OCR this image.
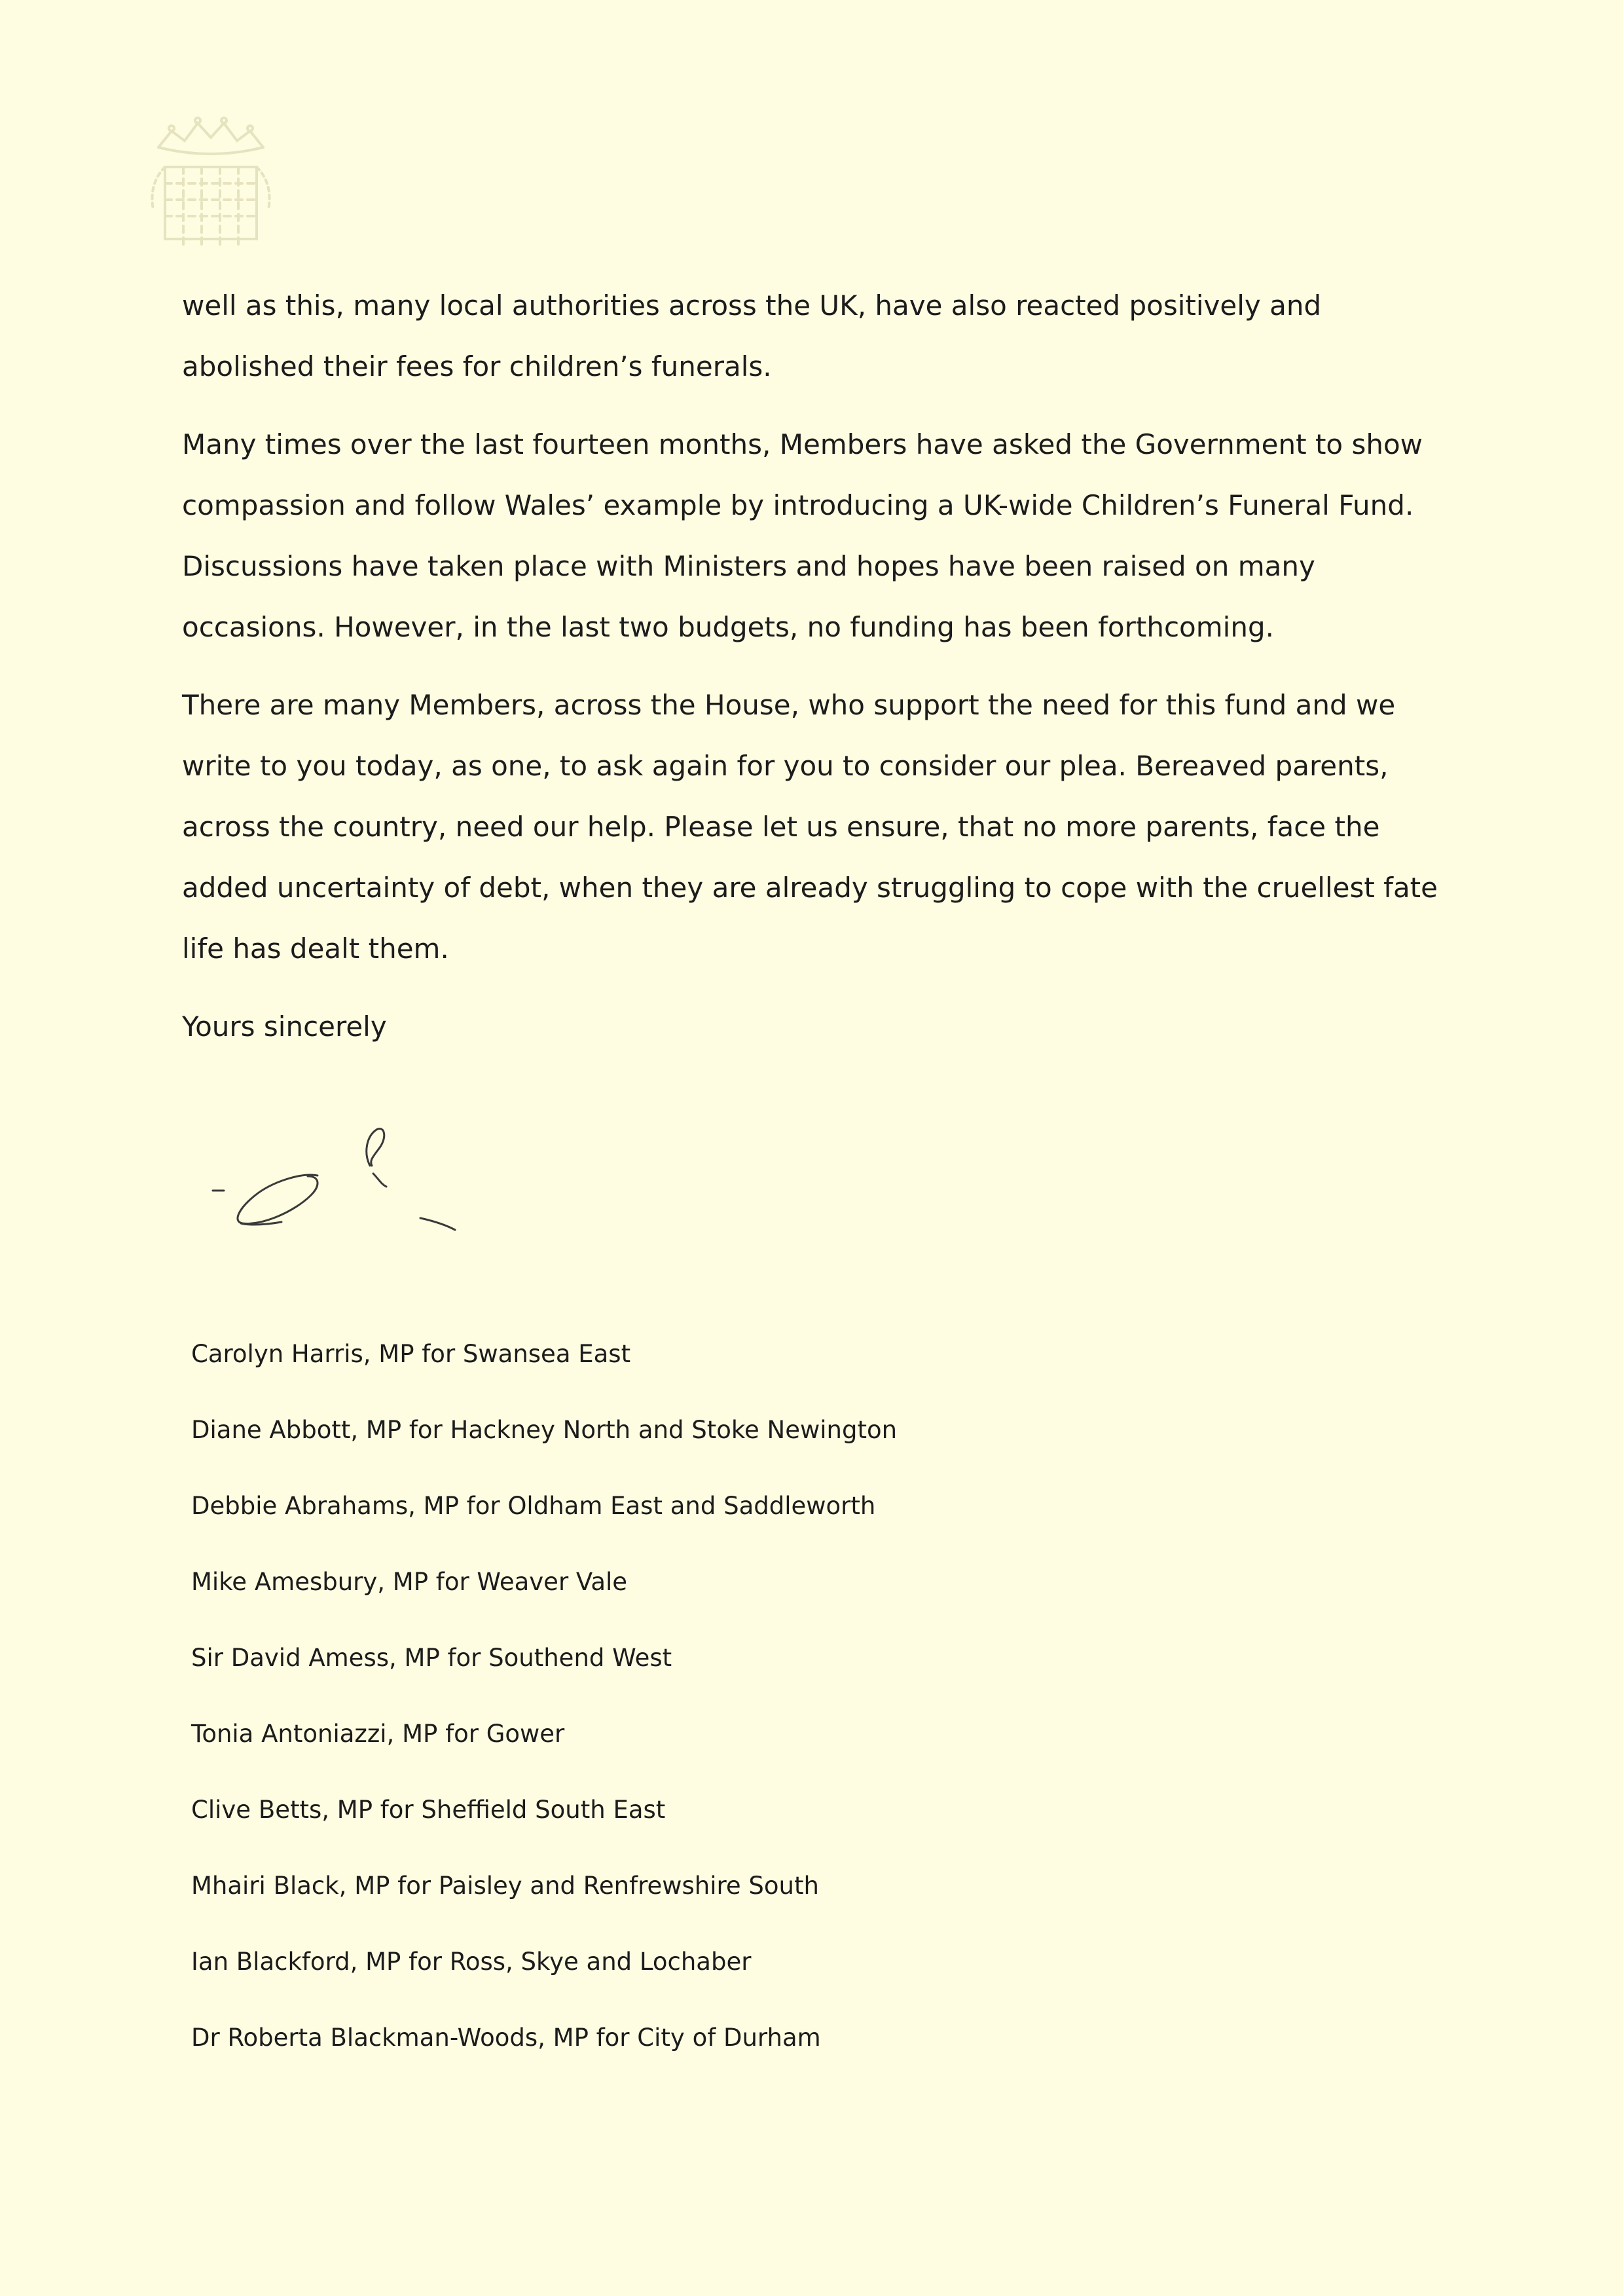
well as this, many local authorities across the UK, have also reacted positively and abolished their fees for children’s funerals.

Many times over the last fourteen months, Members have asked the Government to show compassion and follow Wales’ example by introducing a UK-wide Children’s Funeral Fund. Discussions have taken place with Ministers and hopes have been raised on many occasions. However, in the last two budgets, no funding has been forthcoming.

There are many Members, across the House, who support the need for this fund and we write to you today, as one, to ask again for you to consider our plea. Bereaved parents, across the country, need our help. Please let us ensure, that no more parents, face the added uncertainty of debt, when they are already struggling to cope with the cruellest fate life has dealt them.

Yours sincerely

Carolyn Harris, MP for Swansea East
Diane Abbott, MP for Hackney North and Stoke Newington
Debbie Abrahams, MP for Oldham East and Saddleworth
Mike Amesbury, MP for Weaver Vale
Sir David Amess, MP for Southend West
Tonia Antoniazzi, MP for Gower
Clive Betts, MP for Sheffield South East
Mhairi Black, MP for Paisley and Renfrewshire South
Ian Blackford, MP for Ross, Skye and Lochaber
Dr Roberta Blackman-Woods, MP for City of Durham
